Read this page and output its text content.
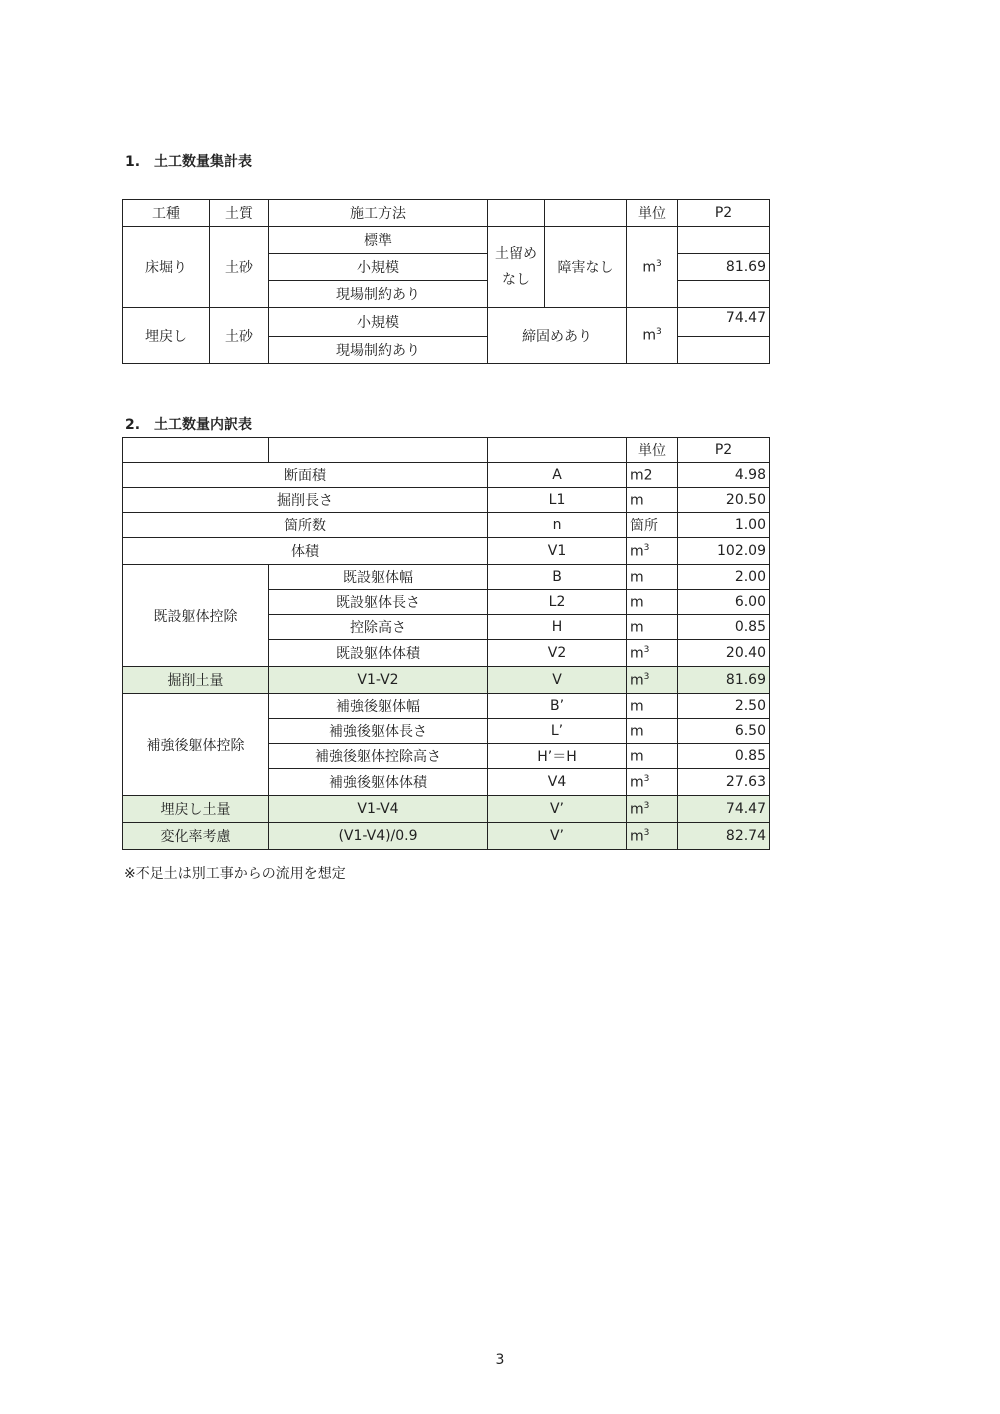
1.　土工数量集計表
工種	土質	施工方法			単位	P2
床堀り	土砂	標準	土留め なし	障害なし	$m^3$	
		小規模				81.69
		現場制約あり				
埋戻し	土砂	小規模	締固めあり		$m^3$	74.47
		現場制約あり				
2.　土工数量内訳表
			単位	P2
断面積		A	m2	4.98
掘削長さ		L1	m	20.50
箇所数		n	箇所	1.00
体積		V1	$m^3$	102.09
既設躯体控除	既設躯体幅	B	m	2.00
	既設躯体長さ	L2	m	6.00
	控除高さ	H	m	0.85
	既設躯体体積	V2	$m^3$	20.40
掘削土量	V1-V2	V	$m^3$	81.69
補強後躯体控除	補強後躯体幅	B’	m	2.50
	補強後躯体長さ	L’	m	6.50
	補強後躯体控除高さ	H’＝H	m	0.85
	補強後躯体体積	V4	$m^3$	27.63
埋戻し土量	V1-V4	V’	$m^3$	74.47
変化率考慮	(V1-V4)/0.9	V’	$m^3$	82.74
※不足土は別工事からの流用を想定
3
